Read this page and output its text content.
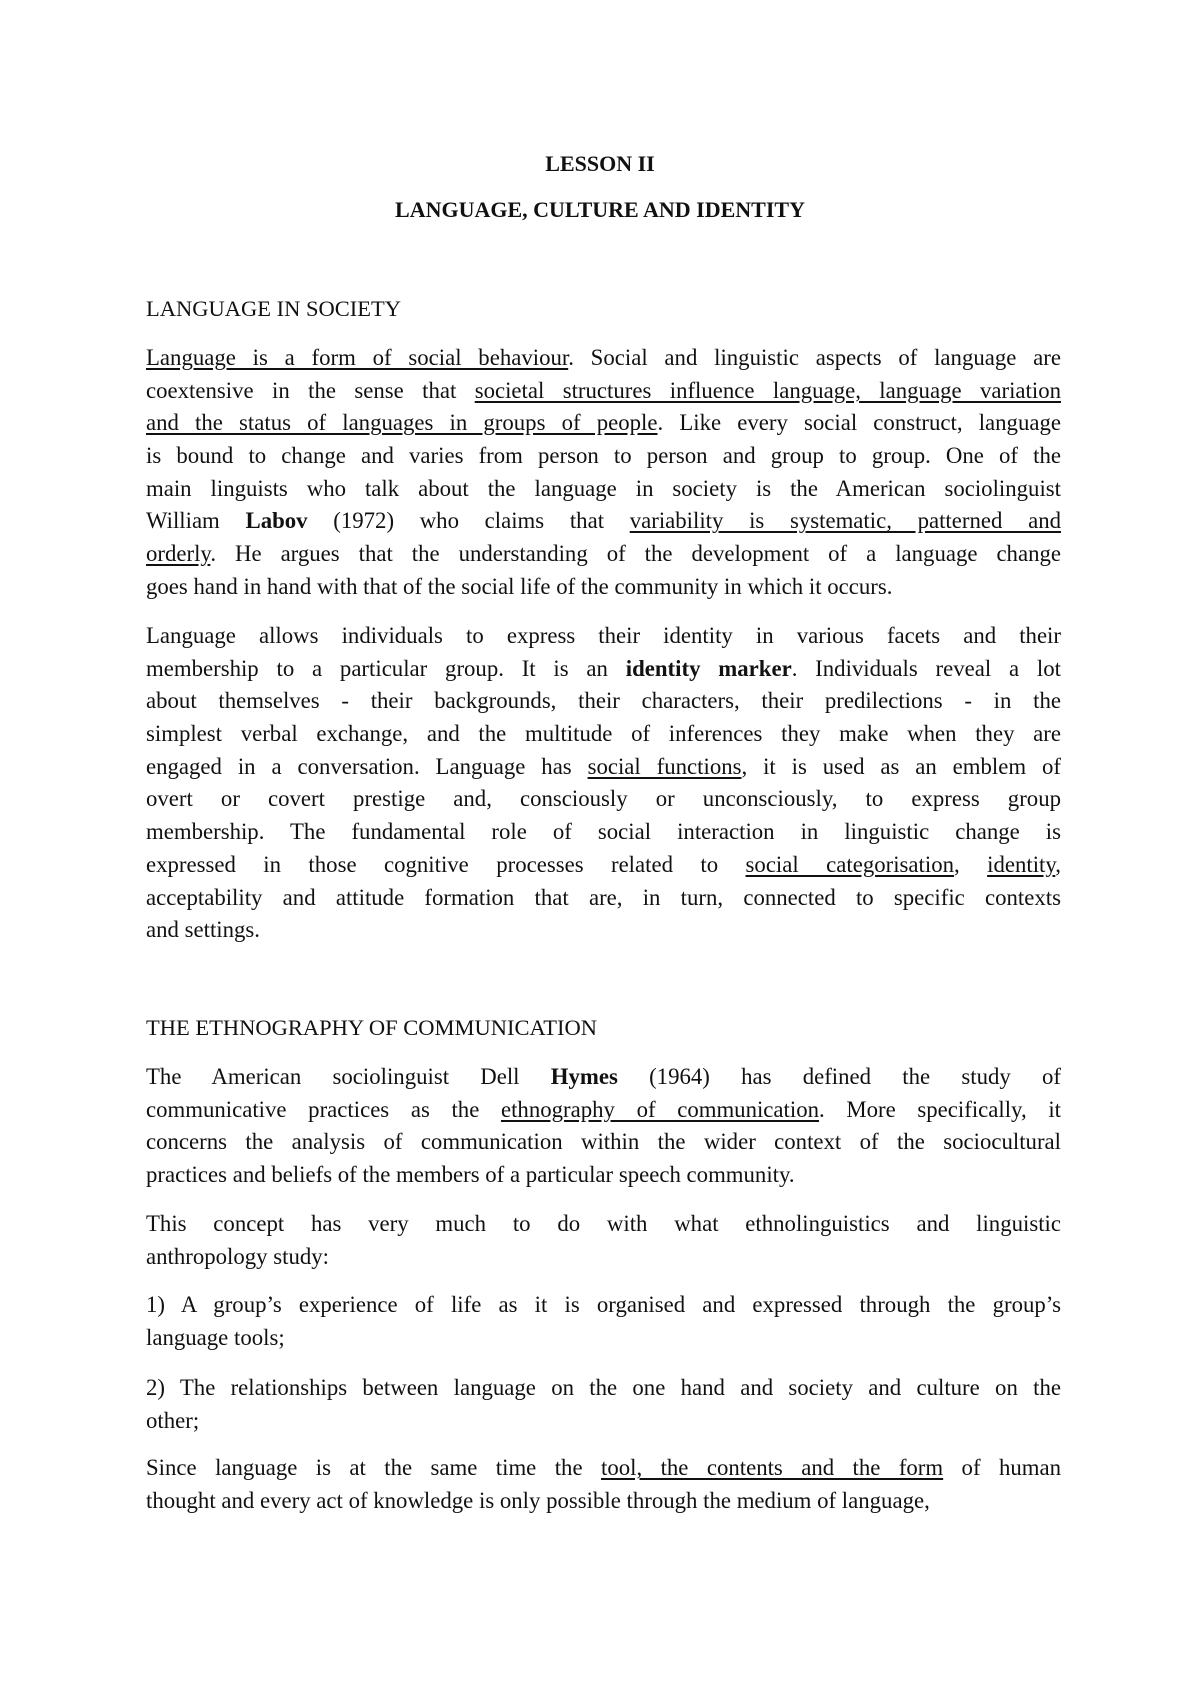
LESSON II
LANGUAGE, CULTURE AND IDENTITY
LANGUAGE IN SOCIETY
Language is a form of social behaviour. Social and linguistic aspects of language are
coextensive in the sense that societal structures influence language, language variation
and the status of languages in groups of people. Like every social construct, language
is bound to change and varies from person to person and group to group. One of the
main linguists who talk about the language in society is the American sociolinguist
William Labov (1972) who claims that variability is systematic, patterned and
orderly. He argues that the understanding of the development of a language change
goes hand in hand with that of the social life of the community in which it occurs.
Language allows individuals to express their identity in various facets and their
membership to a particular group. It is an identity marker. Individuals reveal a lot
about themselves - their backgrounds, their characters, their predilections - in the
simplest verbal exchange, and the multitude of inferences they make when they are
engaged in a conversation. Language has social functions, it is used as an emblem of
overt or covert prestige and, consciously or unconsciously, to express group
membership. The fundamental role of social interaction in linguistic change is
expressed in those cognitive processes related to social categorisation, identity,
acceptability and attitude formation that are, in turn, connected to specific contexts
and settings.
THE ETHNOGRAPHY OF COMMUNICATION
The American sociolinguist Dell Hymes (1964) has defined the study of
communicative practices as the ethnography of communication. More specifically, it
concerns the analysis of communication within the wider context of the sociocultural
practices and beliefs of the members of a particular speech community.
This concept has very much to do with what ethnolinguistics and linguistic
anthropology study:
1) A group’s experience of life as it is organised and expressed through the group’s
language tools;
2) The relationships between language on the one hand and society and culture on the
other;
Since language is at the same time the tool, the contents and the form of human
thought and every act of knowledge is only possible through the medium of language,
